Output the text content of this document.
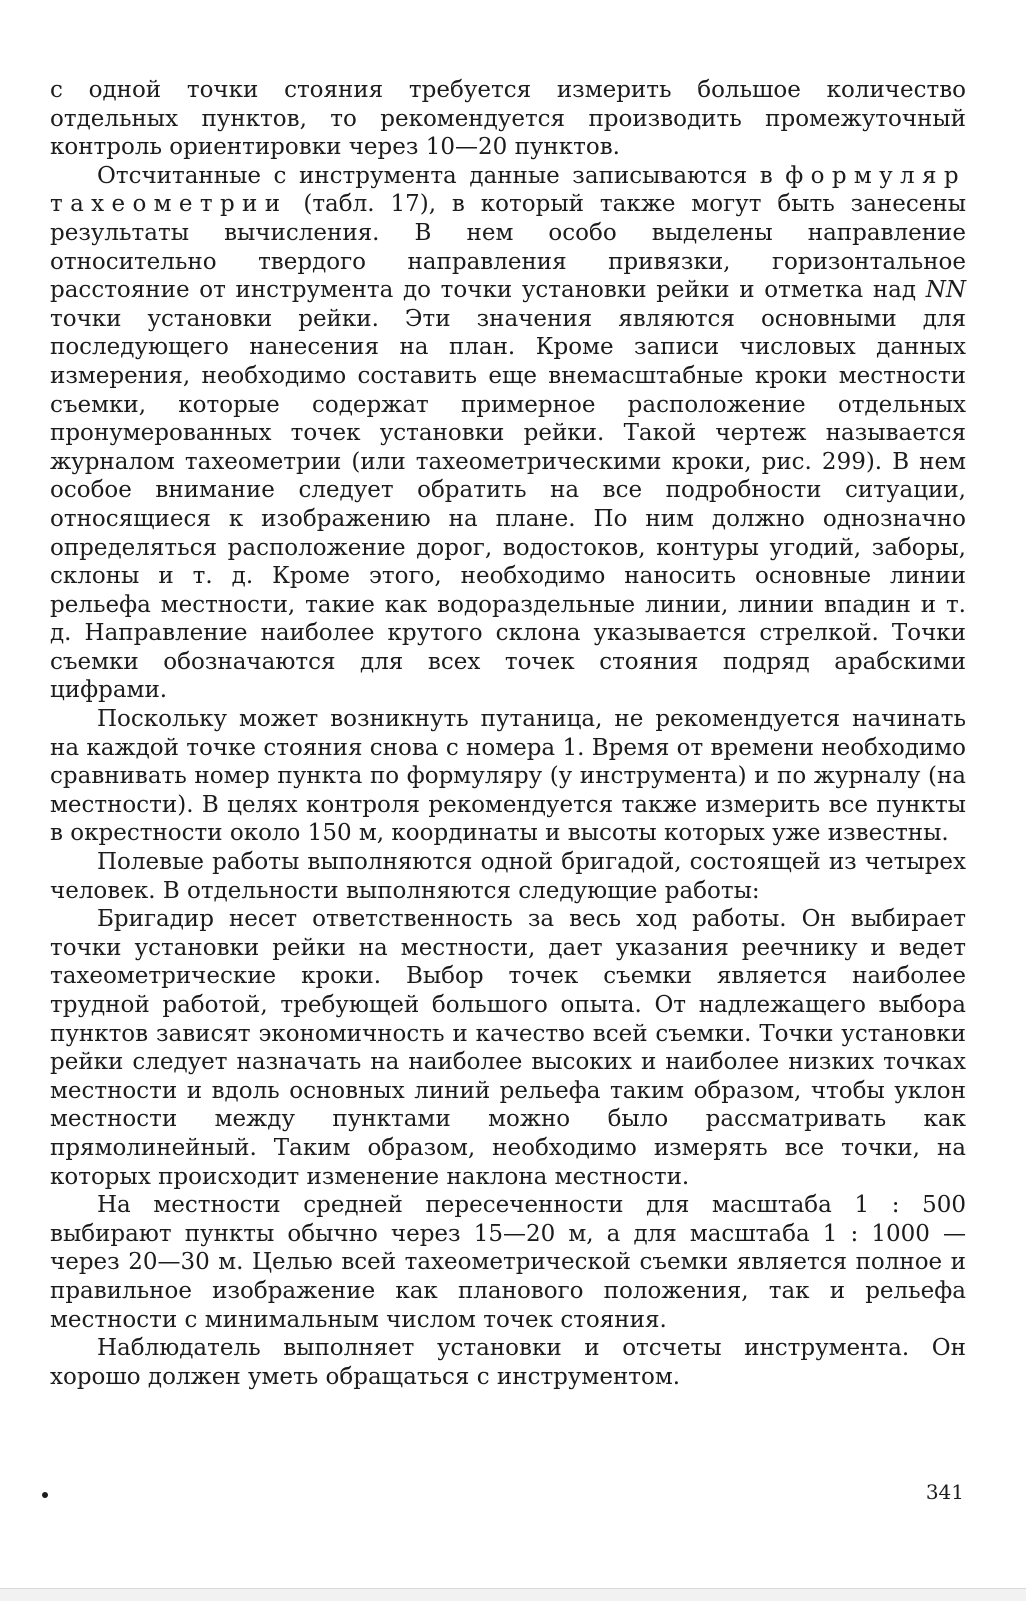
с одной точки стояния требуется измерить большое количество отдельных пунктов, то рекомендуется производить промежуточный контроль ориентировки через 10—20 пунктов.

Отсчитанные с инструмента данные записываются в формуляр тахеометрии (табл. 17), в который также могут быть занесены результаты вычисления. В нем особо выделены направление относительно твердого направления привязки, горизонтальное расстояние от инструмента до точки установки рейки и отметка над NN точки установки рейки. Эти значения являются основными для последующего нанесения на план. Кроме записи числовых данных измерения, необходимо составить еще внемасштабные кроки местности съемки, которые содержат примерное расположение отдельных пронумерованных точек установки рейки. Такой чертеж называется журналом тахеометрии (или тахеометрическими кроки, рис. 299). В нем особое внимание следует обратить на все подробности ситуации, относящиеся к изображению на плане. По ним должно однозначно определяться расположение дорог, водостоков, контуры угодий, заборы, склоны и т. д. Кроме этого, необходимо наносить основные линии рельефа местности, такие как водораздельные линии, линии впадин и т. д. Направление наиболее крутого склона указывается стрелкой. Точки съемки обозначаются для всех точек стояния подряд арабскими цифрами.

Поскольку может возникнуть путаница, не рекомендуется начинать на каждой точке стояния снова с номера 1. Время от времени необходимо сравнивать номер пункта по формуляру (у инструмента) и по журналу (на местности). В целях контроля рекомендуется также измерить все пункты в окрестности около 150 м, координаты и высоты которых уже известны.

Полевые работы выполняются одной бригадой, состоящей из четырех человек. В отдельности выполняются следующие работы:

Бригадир несет ответственность за весь ход работы. Он выбирает точки установки рейки на местности, дает указания реечнику и ведет тахеометрические кроки. Выбор точек съемки является наиболее трудной работой, требующей большого опыта. От надлежащего выбора пунктов зависят экономичность и качество всей съемки. Точки установки рейки следует назначать на наиболее высоких и наиболее низких точках местности и вдоль основных линий рельефа таким образом, чтобы уклон местности между пунктами можно было рассматривать как прямолинейный. Таким образом, необходимо измерять все точки, на которых происходит изменение наклона местности.

На местности средней пересеченности для масштаба 1 : 500 выбирают пункты обычно через 15—20 м, а для масштаба 1 : 1000 — через 20—30 м. Целью всей тахеометрической съемки является полное и правильное изображение как планового положения, так и рельефа местности с минимальным числом точек стояния.

Наблюдатель выполняет установки и отсчеты инструмента. Он хорошо должен уметь обращаться с инструментом.

341
